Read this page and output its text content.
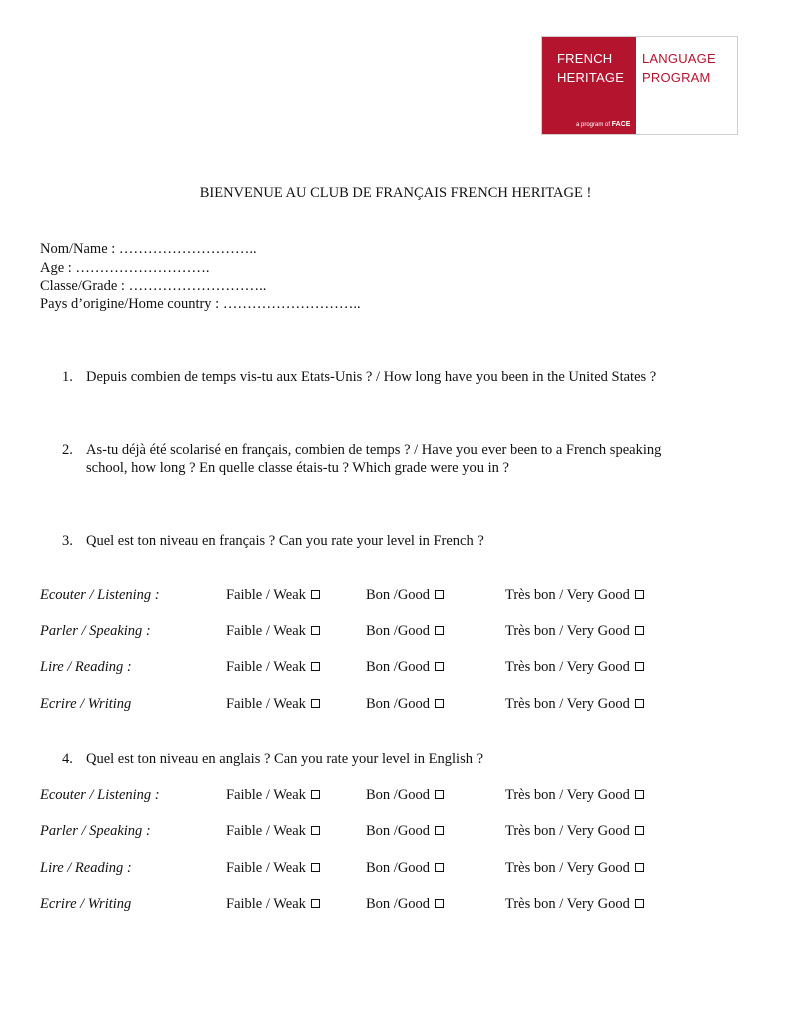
FRENCH
HERITAGE
a program of FACE
LANGUAGE
PROGRAM
BIENVENUE AU CLUB DE FRANÇAIS FRENCH HERITAGE !
Nom/Name : ………………………..
Age : ……………………….
Classe/Grade : ………………………..
Pays d’origine/Home country : ………………………..
1. Depuis combien de temps vis-tu aux Etats-Unis ? / How long have you been in the United States ?
2. As-tu déjà été scolarisé en français, combien de temps ? / Have you ever been to a French speaking
school, how long ? En quelle classe étais-tu ? Which grade were you in ?
3. Quel est ton niveau en français ? Can you rate your level in French ?
Ecouter / Listening :	Faible / Weak	Bon /Good	Très bon / Very Good
Parler / Speaking :	Faible / Weak	Bon /Good	Très bon / Very Good
Lire / Reading :	Faible / Weak	Bon /Good	Très bon / Very Good
Ecrire / Writing	Faible / Weak	Bon /Good	Très bon / Very Good
4. Quel est ton niveau en anglais ? Can you rate your level in English ?
Ecouter / Listening :	Faible / Weak	Bon /Good	Très bon / Very Good
Parler / Speaking :	Faible / Weak	Bon /Good	Très bon / Very Good
Lire / Reading :	Faible / Weak	Bon /Good	Très bon / Very Good
Ecrire / Writing	Faible / Weak	Bon /Good	Très bon / Very Good
